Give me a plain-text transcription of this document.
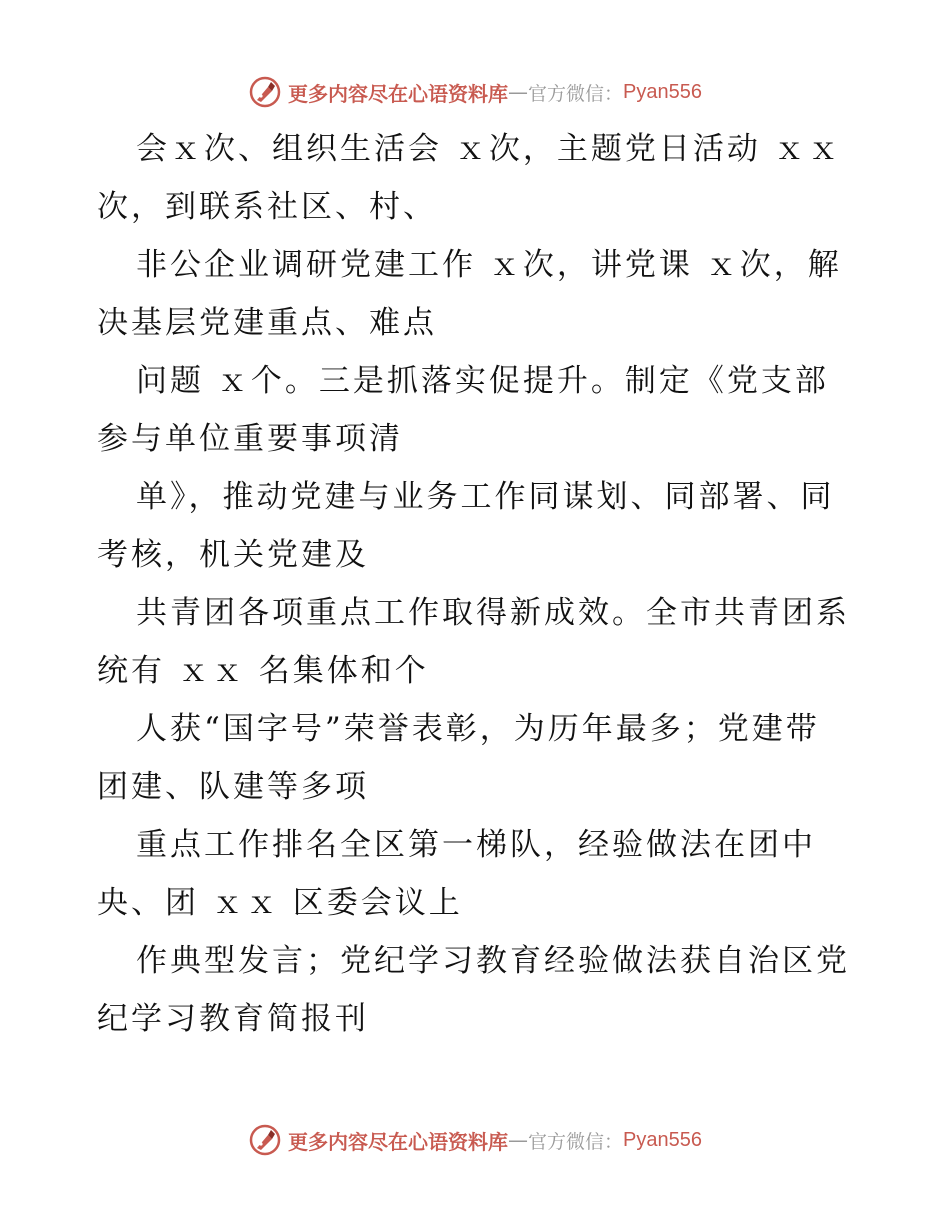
更多内容尽在心语资料库 — 官方微信： Pyan556
会ｘ次、组织生活会 ｘ次，主题党日活动 ｘｘ
次，到联系社区、村、
非公企业调研党建工作 ｘ次，讲党课 ｘ次，解
决基层党建重点、难点
问题 ｘ个。三是抓落实促提升。制定《党支部
参与单位重要事项清
单》，推动党建与业务工作同谋划、同部署、同
考核，机关党建及
共青团各项重点工作取得新成效。全市共青团系
统有 ｘｘ 名集体和个
人获“国字号”荣誉表彰，为历年最多；党建带
团建、队建等多项
重点工作排名全区第一梯队，经验做法在团中
央、团 ｘｘ 区委会议上
作典型发言；党纪学习教育经验做法获自治区党
纪学习教育简报刊
更多内容尽在心语资料库 — 官方微信： Pyan556
